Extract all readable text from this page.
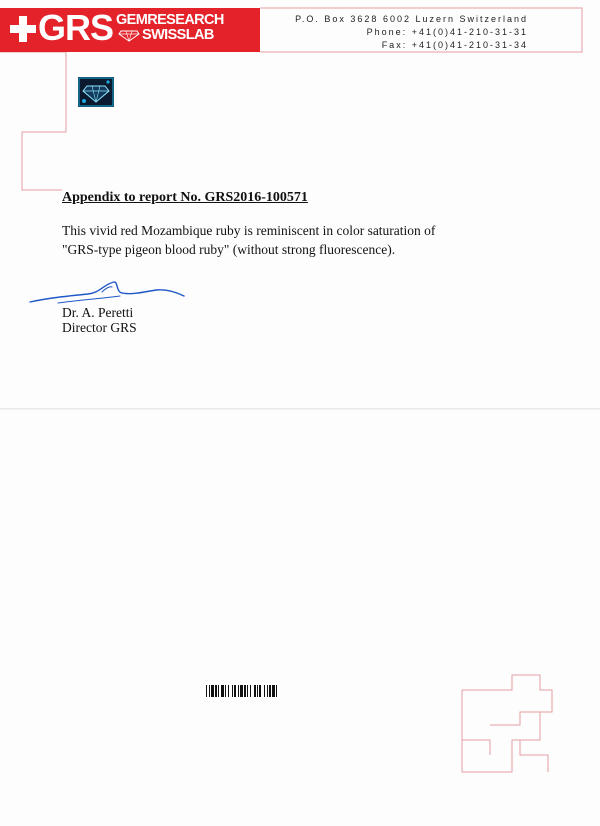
GRS GEMRESEARCH
SWISSLAB
P.O. Box 3628 6002 Luzern Switzerland
Phone: +41(0)41-210-31-31
Fax: +41(0)41-210-31-34
Appendix to report No. GRS2016-100571
This vivid red Mozambique ruby is reminiscent in color saturation of
"GRS-type pigeon blood ruby" (without strong fluorescence).
Dr. A. Peretti
Director GRS
